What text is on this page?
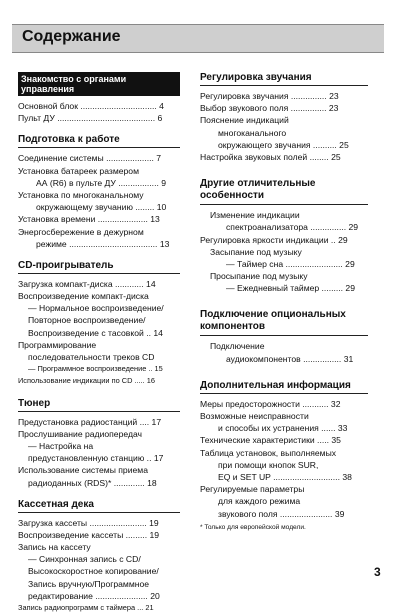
Содержание
Знакомство с органами управления
Основной блок ................................ 4
Пульт ДУ ......................................... 6
Подготовка к работе
Соединение системы .................... 7
Установка батареек размером
АА (R6) в пульте ДУ ................. 9
Установка по многоканальному
окружающему звучанию ........ 10
Установка времени ..................... 13
Энергосбережение в дежурном
режиме ..................................... 13
CD-проигрыватель
Загрузка компакт-диска ............ 14
Воспроизведение компакт-диска
— Нормальное воспроизведение/
Повторное воспроизведение/
Воспроизведение с тасовкой .. 14
Программирование
последовательности треков CD
— Программное воспроизведение .. 15
Использование индикации по CD ..... 16
Тюнер
Предустановка радиостанций .... 17
Прослушивание радиопередач
— Настройка на
предустановленную станцию .. 17
Использование системы приема
радиоданных (RDS)* ............. 18
Кассетная дека
Загрузка кассеты ........................ 19
Воспроизведение кассеты ......... 19
Запись на кассету
— Синхронная запись с CD/
Высокоскоростное копирование/
Запись вручную/Программное
редактирование ...................... 20
Запись радиопрограмм с таймера ... 21
Регулировка звучания
Регулировка звучания ............... 23
Выбор звукового поля ............... 23
Пояснение индикаций
многоканального
окружающего звучания .......... 25
Настройка звуковых полей ........ 25
Другие отличительные
особенности
Изменение индикации
спектроанализатора ............... 29
Регулировка яркости индикации .. 29
Засыпание под музыку
— Таймер сна ........................ 29
Просыпание под музыку
— Ежедневный таймер ......... 29
Подключение опциональных
компонентов
Подключение
аудиокомпонентов ................ 31
Дополнительная информация
Меры предосторожности ........... 32
Возможные неисправности
и способы их устранения ...... 33
Технические характеристики ..... 35
Таблица установок, выполняемых
при помощи кнопок SUR,
EQ и SET UP ............................ 38
Регулируемые параметры
для каждого режима
звукового поля ...................... 39
* Только для европейской модели.
3
